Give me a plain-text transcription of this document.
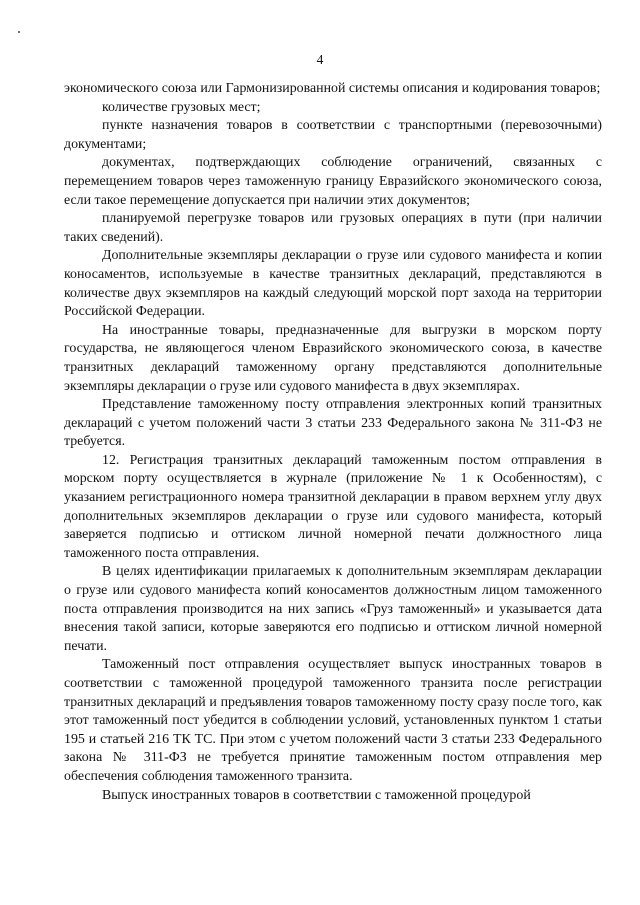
4

экономического союза или Гармонизированной системы описания и кодирования товаров;

количестве грузовых мест;

пункте назначения товаров в соответствии с транспортными (перевозочными) документами;

документах, подтверждающих соблюдение ограничений, связанных с перемещением товаров через таможенную границу Евразийского экономического союза, если такое перемещение допускается при наличии этих документов;

планируемой перегрузке товаров или грузовых операциях в пути (при наличии таких сведений).

Дополнительные экземпляры декларации о грузе или судового манифеста и копии коносаментов, используемые в качестве транзитных деклараций, представляются в количестве двух экземпляров на каждый следующий морской порт захода на территории Российской Федерации.

На иностранные товары, предназначенные для выгрузки в морском порту государства, не являющегося членом Евразийского экономического союза, в качестве транзитных деклараций таможенному органу представляются дополнительные экземпляры декларации о грузе или судового манифеста в двух экземплярах.

Представление таможенному посту отправления электронных копий транзитных деклараций с учетом положений части 3 статьи 233 Федерального закона № 311-ФЗ не требуется.

12. Регистрация транзитных деклараций таможенным постом отправления в морском порту осуществляется в журнале (приложение № 1 к Особенностям), с указанием регистрационного номера транзитной декларации в правом верхнем углу двух дополнительных экземпляров декларации о грузе или судового манифеста, который заверяется подписью и оттиском личной номерной печати должностного лица таможенного поста отправления.

В целях идентификации прилагаемых к дополнительным экземплярам декларации о грузе или судового манифеста копий коносаментов должностным лицом таможенного поста отправления производится на них запись «Груз таможенный» и указывается дата внесения такой записи, которые заверяются его подписью и оттиском личной номерной печати.

Таможенный пост отправления осуществляет выпуск иностранных товаров в соответствии с таможенной процедурой таможенного транзита после регистрации транзитных деклараций и предъявления товаров таможенному посту сразу после того, как этот таможенный пост убедится в соблюдении условий, установленных пунктом 1 статьи 195 и статьей 216 ТК ТС. При этом с учетом положений части 3 статьи 233 Федерального закона № 311-ФЗ не требуется принятие таможенным постом отправления мер обеспечения соблюдения таможенного транзита.

Выпуск иностранных товаров в соответствии с таможенной процедурой
